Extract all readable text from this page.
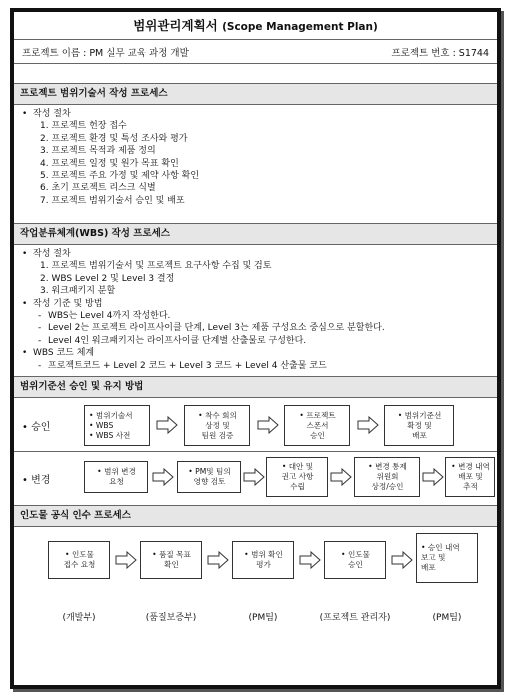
범위관리계획서 (Scope Management Plan)
프로젝트 이름 : PM 실무 교육 과정 개발	프로젝트 번호 : S1744
프로젝트 범위기술서 작성 프로세스
• 작성 절차
1. 프로젝트 헌장 접수
2. 프로젝트 환경 및 특성 조사와 평가
3. 프로젝트 목적과 제품 정의
4. 프로젝트 일정 및 원가 목표 확인
5. 프로젝트 주요 가정 및 제약 사항 확인
6. 초기 프로젝트 리스크 식별
7. 프로젝트 범위기술서 승인 및 배포
작업분류체계(WBS) 작성 프로세스
• 작성 절차
1. 프로젝트 범위기술서 및 프로젝트 요구사항 수집 및 검토
2. WBS Level 2 및 Level 3 결정
3. 워크패키지 분할
• 작성 기준 및 방법
- WBS는 Level 4까지 작성한다.
- Level 2는 프로젝트 라이프사이클 단계, Level 3는 제품 구성요소 중심으로 분할한다.
- Level 4인 워크패키지는 라이프사이클 단계별 산출물로 구성한다.
• WBS 코드 체계
- 프로젝트코드 + Level 2 코드 + Level 3 코드 + Level 4 산출물 코드
범위기준선 승인 및 유지 방법
• 승인
• 범위기술서
• WBS
• WBS 사전
• 착수 회의
상정 및
팀원 검증
• 프로젝트
스폰서
승인
• 범위기준선
확정 및
배포
• 변경
• 범위 변경
요청
• PM및 팀의
영향 검토
• 대안 및
권고 사항
수립
• 변경 통제
위원회
상정/승인
• 변경 내역
배포 및
추적
인도물 공식 인수 프로세스
• 인도물
접수 요청
• 품질 목표
확인
• 범위 확인
평가
• 인도물
승인
• 승인 내역
보고 및
배포
(개발부)	(품질보증부)	(PM팀)	(프로젝트 관리자)	(PM팀)
